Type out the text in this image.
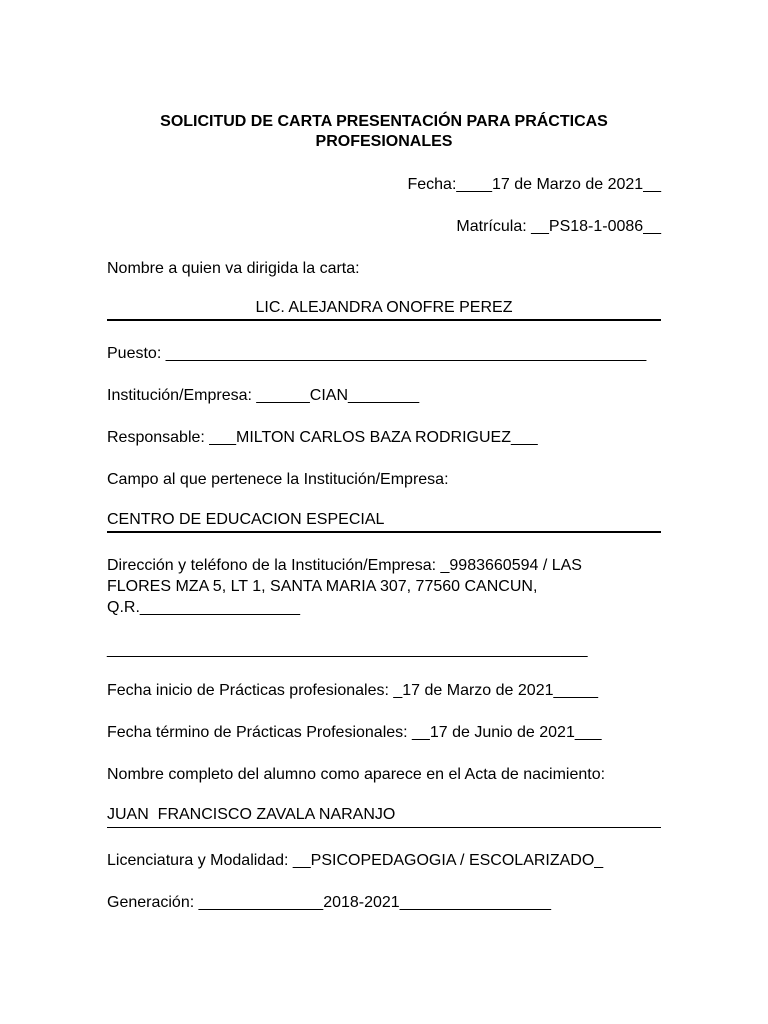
SOLICITUD DE CARTA PRESENTACIÓN PARA PRÁCTICAS PROFESIONALES
Fecha:____17 de Marzo de 2021__
Matrícula: __PS18-1-0086__
Nombre a quien va dirigida la carta:
LIC. ALEJANDRA ONOFRE PEREZ
Puesto: ______________________________________________________
Institución/Empresa: ______CIAN________
Responsable: ___MILTON CARLOS BAZA RODRIGUEZ___
Campo al que pertenece la Institución/Empresa:
CENTRO DE EDUCACION ESPECIAL
Dirección y teléfono de la Institución/Empresa: _9983660594 / LAS
FLORES MZA 5, LT 1, SANTA MARIA 307, 77560 CANCUN,
Q.R.__________________
______________________________________________________
Fecha inicio de Prácticas profesionales: _17 de Marzo de 2021_____
Fecha término de Prácticas Profesionales: __17 de Junio de 2021___
Nombre completo del alumno como aparece en el Acta de nacimiento:
JUAN  FRANCISCO ZAVALA NARANJO
Licenciatura y Modalidad: __PSICOPEDAGOGIA / ESCOLARIZADO_
Generación: ______________2018-2021_________________
